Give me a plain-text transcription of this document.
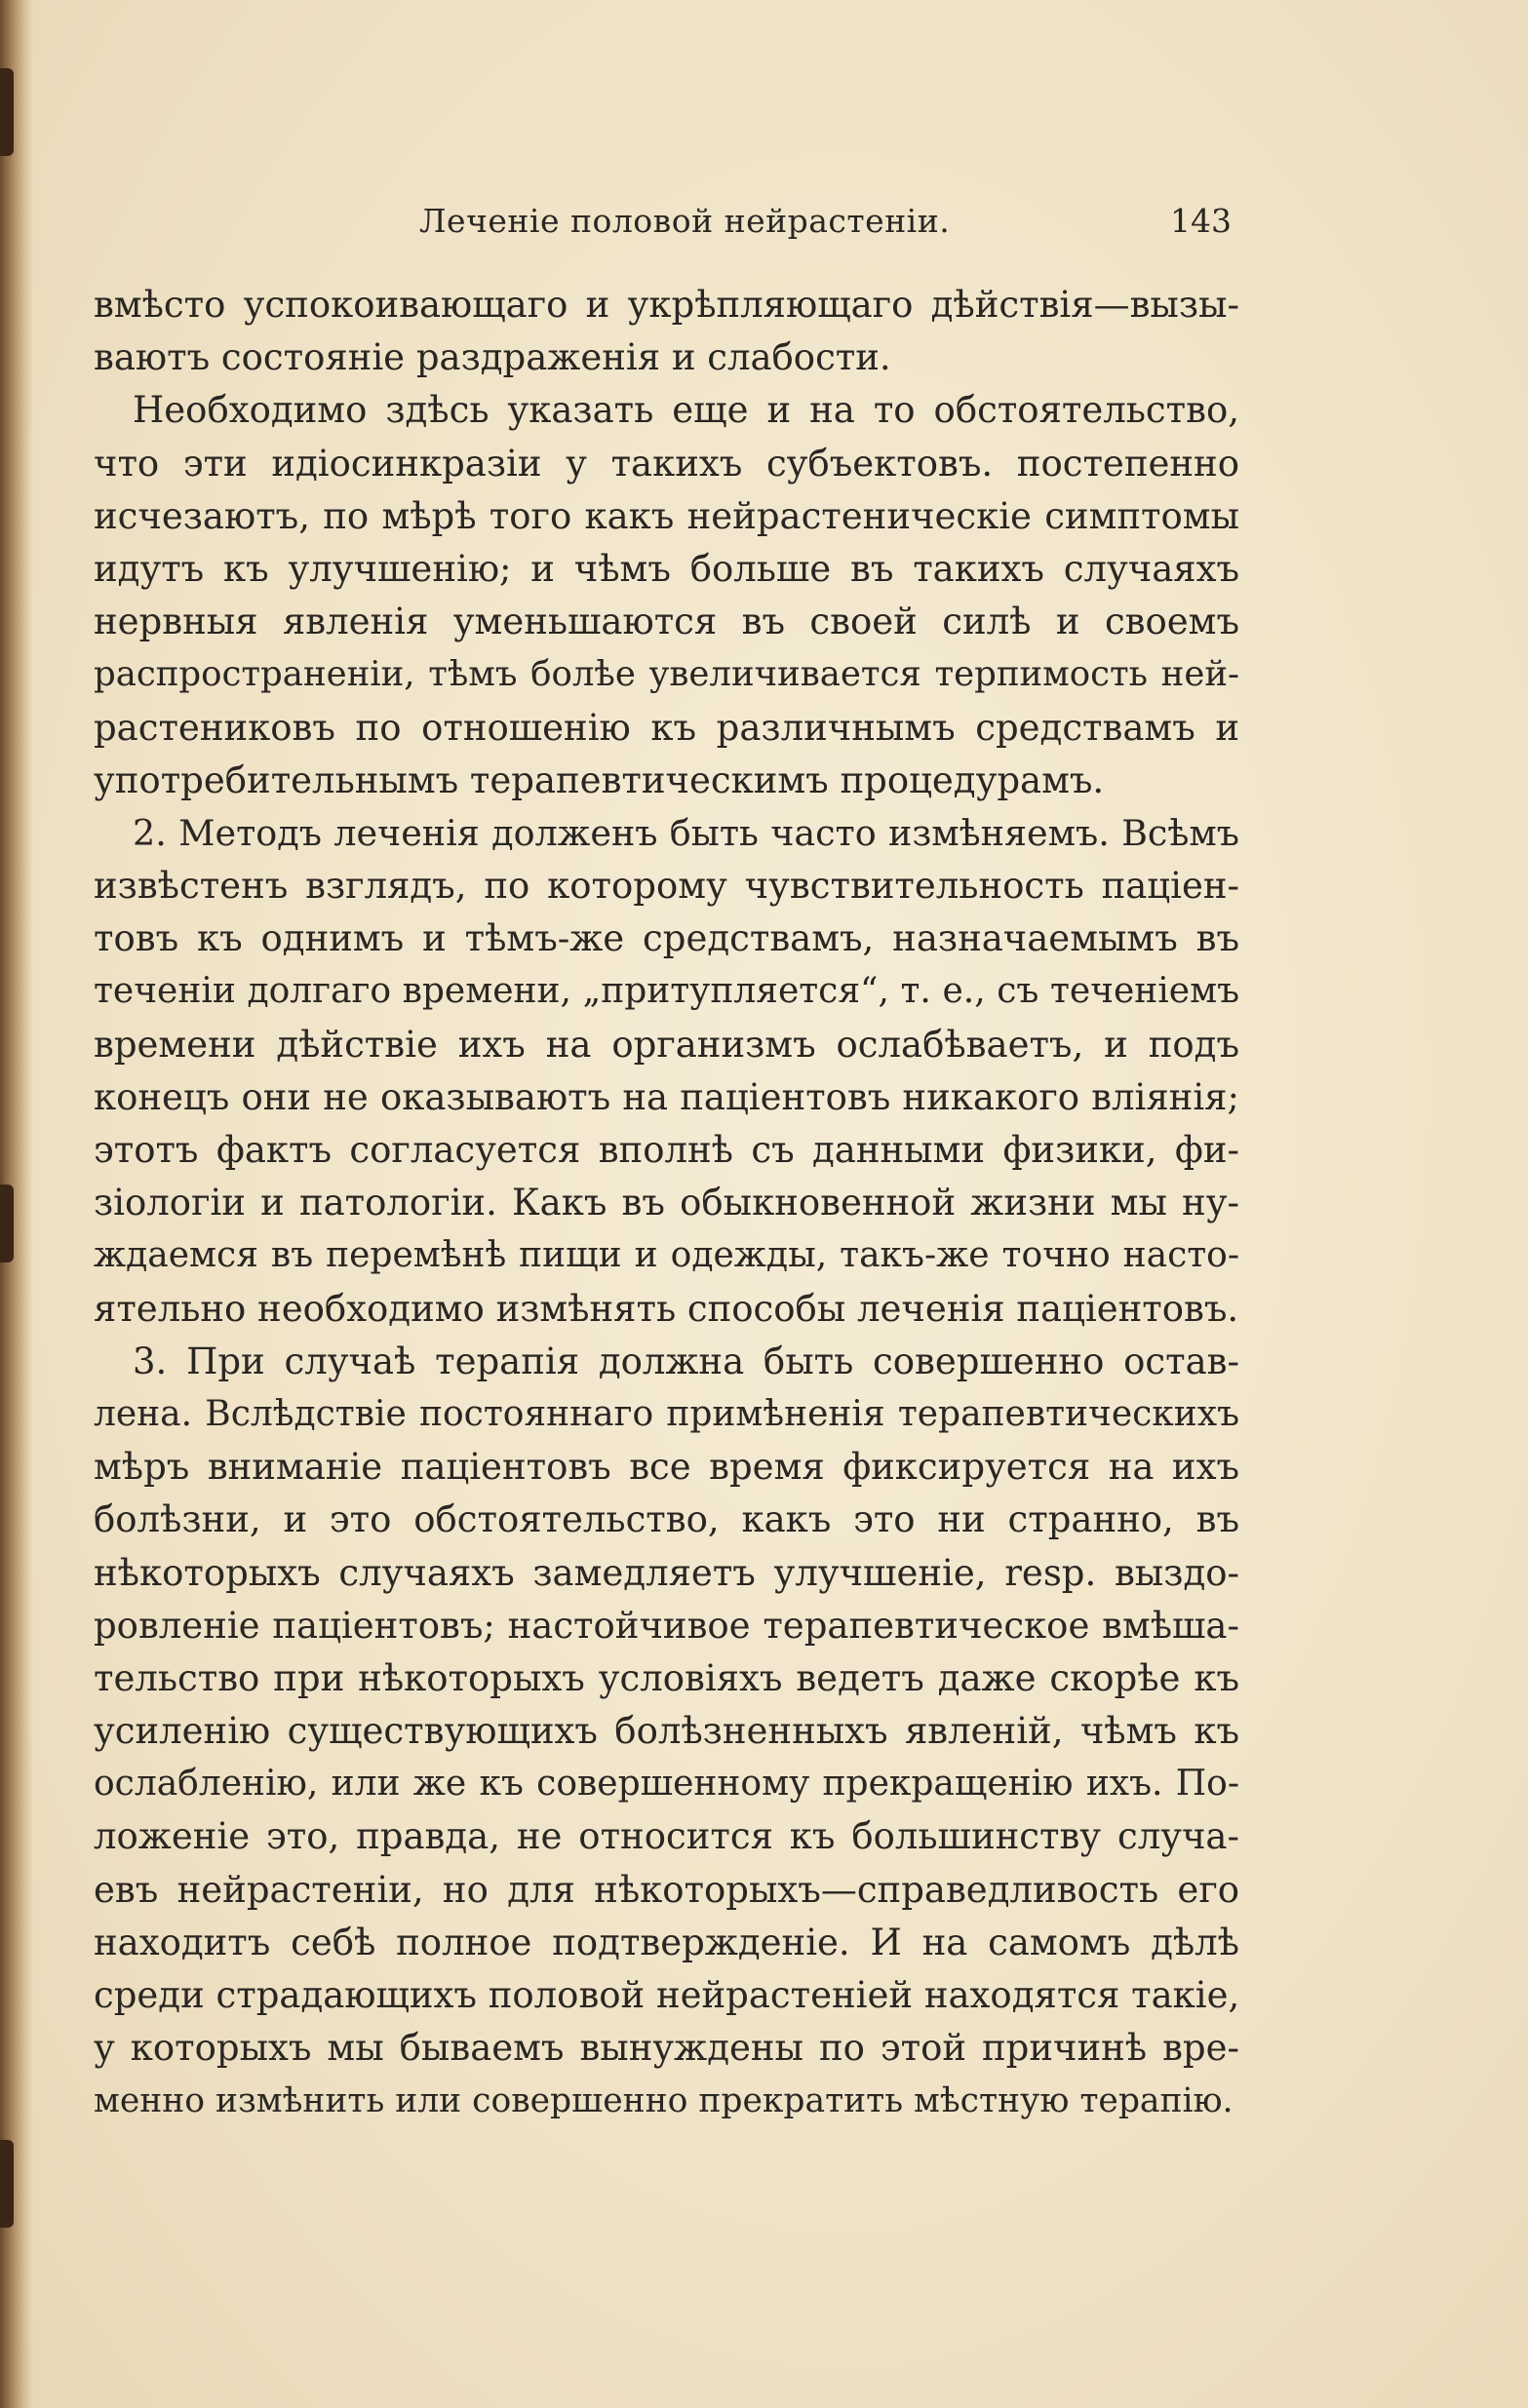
Леченіе половой нейрастеніи.	143
вмѣсто успокоивающаго и укрѣпляющаго дѣйствія—вызы-
ваютъ состояніе раздраженія и слабости.
Необходимо здѣсь указать еще и на то обстоятельство,
что эти идіосинкразіи у такихъ субъектовъ. постепенно
исчезаютъ, по мѣрѣ того какъ нейрастеническіе симптомы
идутъ къ улучшенію; и чѣмъ больше въ такихъ случаяхъ
нервныя явленія уменьшаются въ своей силѣ и своемъ
распространеніи, тѣмъ болѣе увеличивается терпимость ней-
растениковъ по отношенію къ различнымъ средствамъ и
употребительнымъ терапевтическимъ процедурамъ.
2. Методъ леченія долженъ быть часто измѣняемъ. Всѣмъ
извѣстенъ взглядъ, по которому чувствительность паціен-
товъ къ однимъ и тѣмъ-же средствамъ, назначаемымъ въ
теченіи долгаго времени, „притупляется“, т. е., съ теченіемъ
времени дѣйствіе ихъ на организмъ ослабѣваетъ, и подъ
конецъ они не оказываютъ на паціентовъ никакого вліянія;
этотъ фактъ согласуется вполнѣ съ данными физики, фи-
зіологіи и патологіи. Какъ въ обыкновенной жизни мы ну-
ждаемся въ перемѣнѣ пищи и одежды, такъ-же точно насто-
ятельно необходимо измѣнять способы леченія паціентовъ.
3. При случаѣ терапія должна быть совершенно остав-
лена. Вслѣдствіе постояннаго примѣненія терапевтическихъ
мѣръ вниманіе паціентовъ все время фиксируется на ихъ
болѣзни, и это обстоятельство, какъ это ни странно, въ
нѣкоторыхъ случаяхъ замедляетъ улучшеніе, resp. выздо-
ровленіе паціентовъ; настойчивое терапевтическое вмѣша-
тельство при нѣкоторыхъ условіяхъ ведетъ даже скорѣе къ
усиленію существующихъ болѣзненныхъ явленій, чѣмъ къ
ослабленію, или же къ совершенному прекращенію ихъ. По-
ложеніе это, правда, не относится къ большинству случа-
евъ нейрастеніи, но для нѣкоторыхъ—справедливость его
находитъ себѣ полное подтвержденіе. И на самомъ дѣлѣ
среди страдающихъ половой нейрастеніей находятся такіе,
у которыхъ мы бываемъ вынуждены по этой причинѣ вре-
менно измѣнить или совершенно прекратить мѣстную терапію.
